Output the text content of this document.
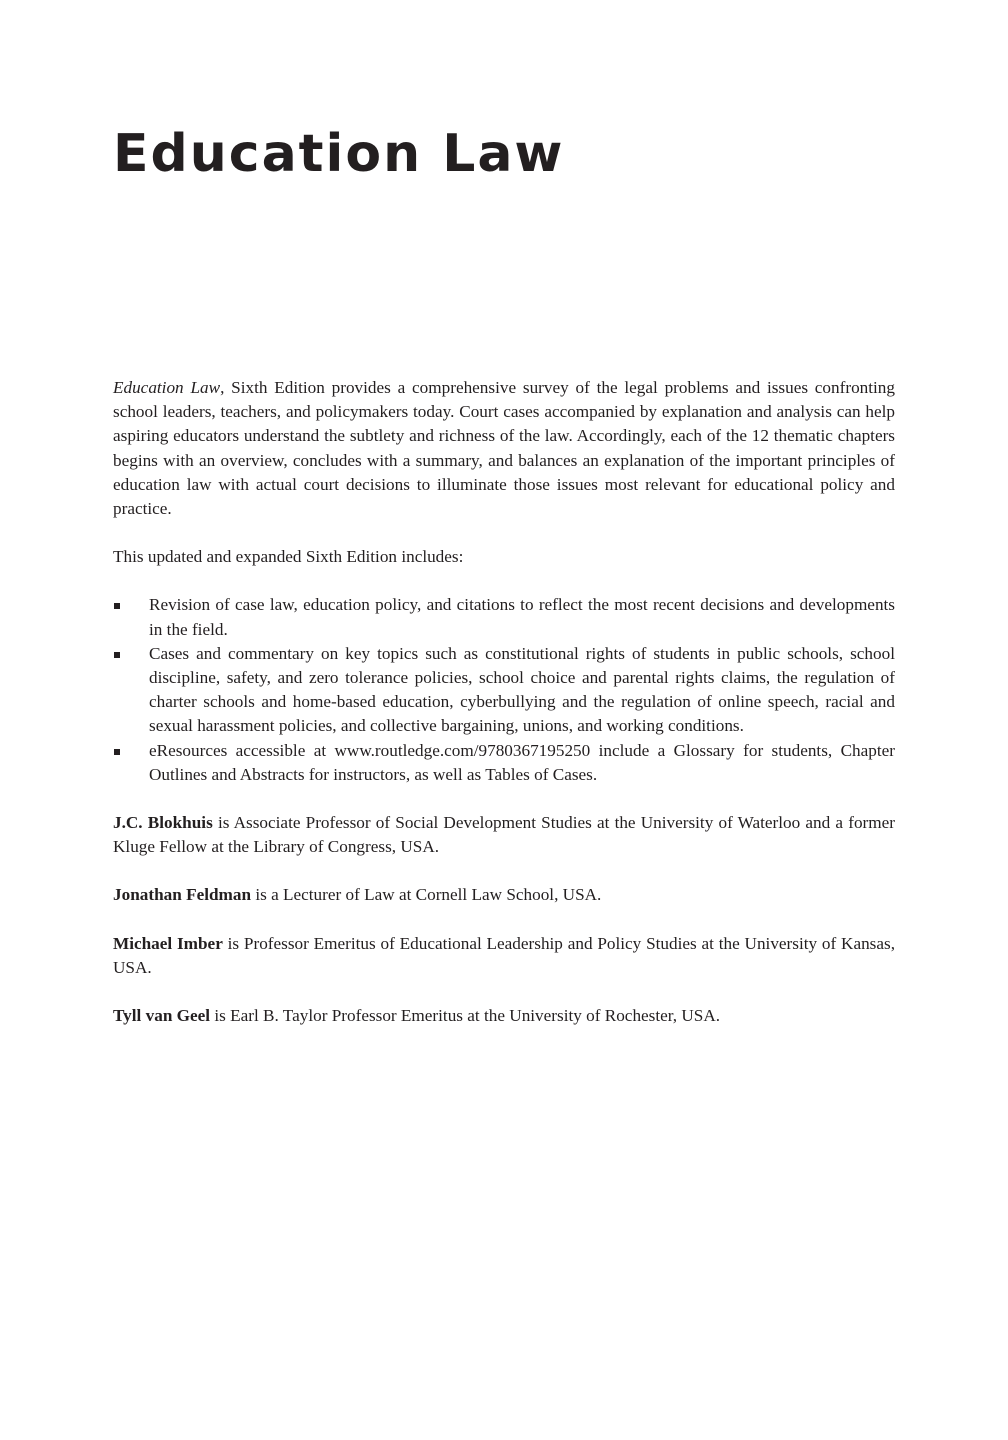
Education Law

Education Law, Sixth Edition provides a comprehensive survey of the legal problems and issues confronting school leaders, teachers, and policymakers today. Court cases accompanied by explanation and analysis can help aspiring educators understand the subtlety and richness of the law. Accordingly, each of the 12 thematic chapters begins with an overview, concludes with a summary, and balances an explanation of the important principles of education law with actual court decisions to illuminate those issues most relevant for educational policy and practice.

This updated and expanded Sixth Edition includes:

Revision of case law, education policy, and citations to reflect the most recent decisions and developments in the field.
Cases and commentary on key topics such as constitutional rights of students in public schools, school discipline, safety, and zero tolerance policies, school choice and parental rights claims, the regulation of charter schools and home-based education, cyberbullying and the regulation of online speech, racial and sexual harassment policies, and collective bargaining, unions, and working conditions.
eResources accessible at www.routledge.com/9780367195250 include a Glossary for students, Chapter Outlines and Abstracts for instructors, as well as Tables of Cases.

J.C. Blokhuis is Associate Professor of Social Development Studies at the University of Waterloo and a former Kluge Fellow at the Library of Congress, USA.

Jonathan Feldman is a Lecturer of Law at Cornell Law School, USA.

Michael Imber is Professor Emeritus of Educational Leadership and Policy Studies at the University of Kansas, USA.

Tyll van Geel is Earl B. Taylor Professor Emeritus at the University of Rochester, USA.
